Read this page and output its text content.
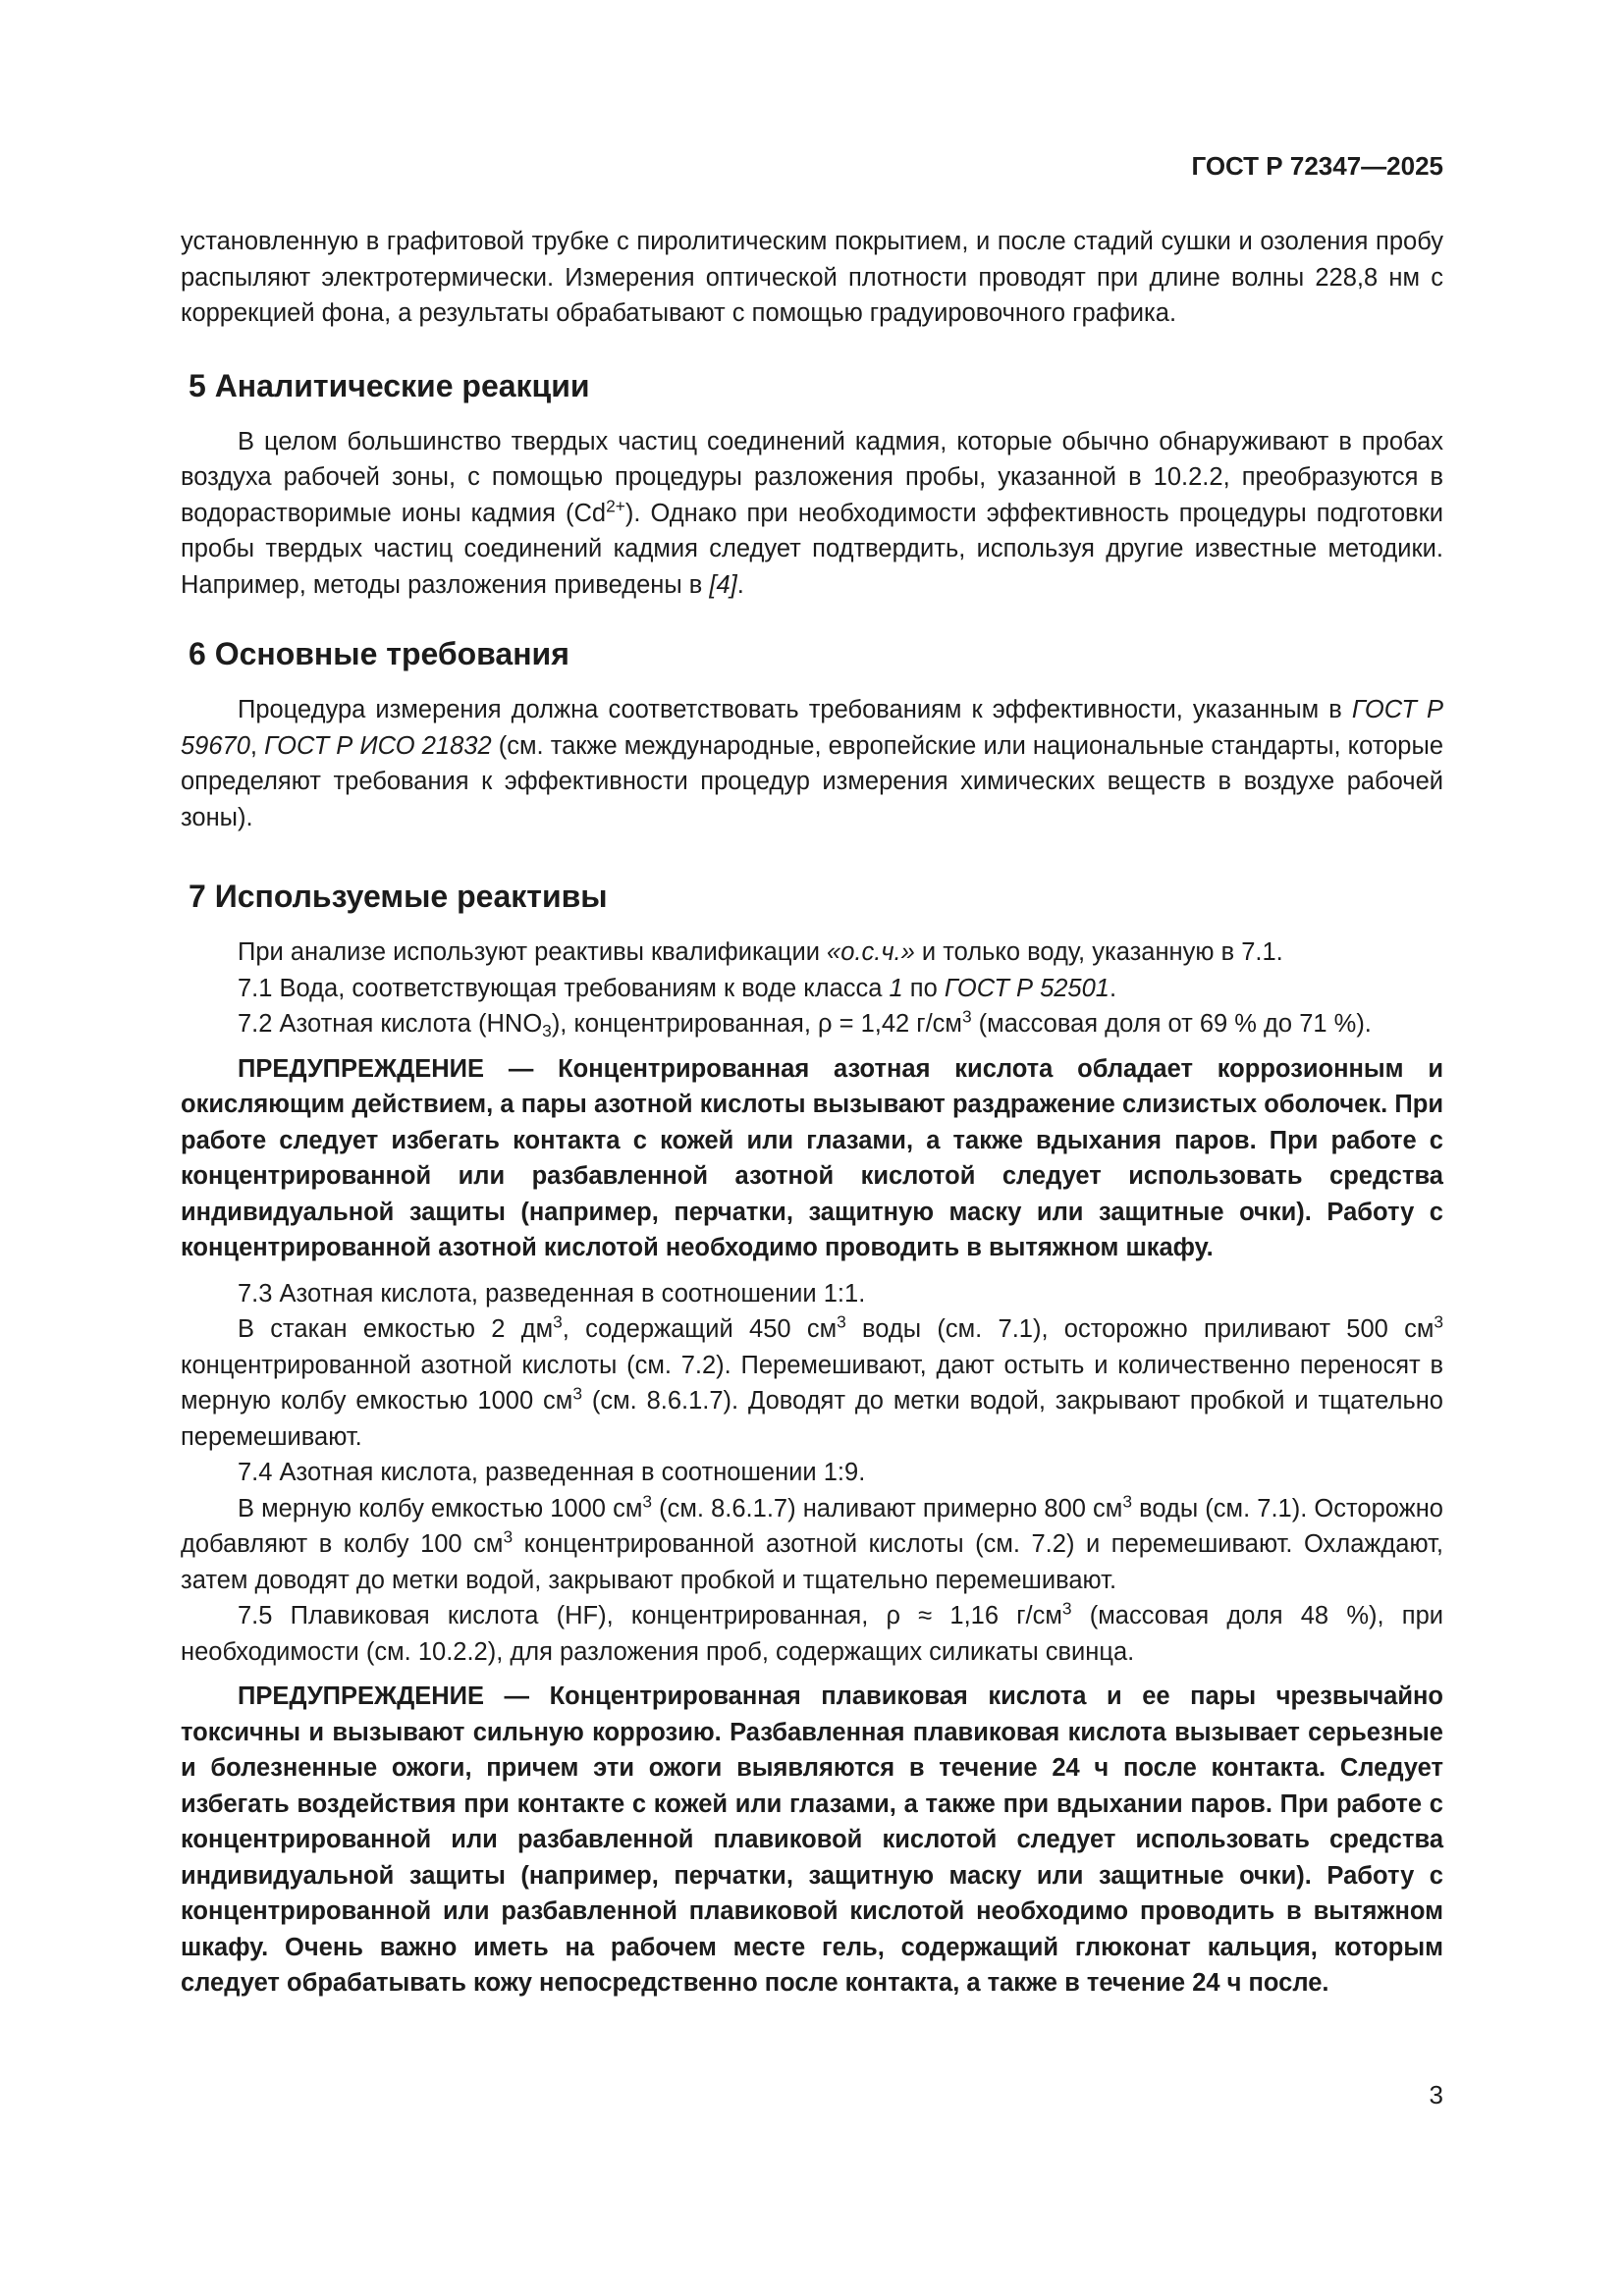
ГОСТ Р 72347—2025

установленную в графитовой трубке с пиролитическим покрытием, и после стадий сушки и озоления пробу распыляют электротермически. Измерения оптической плотности проводят при длине волны 228,8 нм с коррекцией фона, а результаты обрабатывают с помощью градуировочного графика.

5 Аналитические реакции

В целом большинство твердых частиц соединений кадмия, которые обычно обнаруживают в пробах воздуха рабочей зоны, с помощью процедуры разложения пробы, указанной в 10.2.2, преобразуются в водорастворимые ионы кадмия $(Cd^{2+})$. Однако при необходимости эффективность процедуры подготовки пробы твердых частиц соединений кадмия следует подтвердить, используя другие известные методики. Например, методы разложения приведены в [4].

6 Основные требования

Процедура измерения должна соответствовать требованиям к эффективности, указанным в ГОСТ Р 59670, ГОСТ Р ИСО 21832 (см. также международные, европейские или национальные стандарты, которые определяют требования к эффективности процедур измерения химических веществ в воздухе рабочей зоны).

7 Используемые реактивы

При анализе используют реактивы квалификации «о.с.ч.» и только воду, указанную в 7.1.

7.1 Вода, соответствующая требованиям к воде класса 1 по ГОСТ Р 52501.

7.2 Азотная кислота $(HNO_3)$, концентрированная, ρ = 1,42 $г/см^3$ (массовая доля от 69 % до 71 %).

ПРЕДУПРЕЖДЕНИЕ — Концентрированная азотная кислота обладает коррозионным и окисляющим действием, а пары азотной кислоты вызывают раздражение слизистых оболочек. При работе следует избегать контакта с кожей или глазами, а также вдыхания паров. При работе с концентрированной или разбавленной азотной кислотой следует использовать средства индивидуальной защиты (например, перчатки, защитную маску или защитные очки). Работу с концентрированной азотной кислотой необходимо проводить в вытяжном шкафу.

7.3 Азотная кислота, разведенная в соотношении 1:1.

В стакан емкостью 2 $дм^3$, содержащий 450 $см^3$ воды (см. 7.1), осторожно приливают 500 $см^3$ концентрированной азотной кислоты (см. 7.2). Перемешивают, дают остыть и количественно переносят в мерную колбу емкостью 1000 $см^3$ (см. 8.6.1.7). Доводят до метки водой, закрывают пробкой и тщательно перемешивают.

7.4 Азотная кислота, разведенная в соотношении 1:9.

В мерную колбу емкостью 1000 $см^3$ (см. 8.6.1.7) наливают примерно 800 $см^3$ воды (см. 7.1). Осторожно добавляют в колбу 100 $см^3$ концентрированной азотной кислоты (см. 7.2) и перемешивают. Охлаждают, затем доводят до метки водой, закрывают пробкой и тщательно перемешивают.

7.5 Плавиковая кислота (HF), концентрированная, ρ ≈ 1,16 $г/см^3$ (массовая доля 48 %), при необходимости (см. 10.2.2), для разложения проб, содержащих силикаты свинца.

ПРЕДУПРЕЖДЕНИЕ — Концентрированная плавиковая кислота и ее пары чрезвычайно токсичны и вызывают сильную коррозию. Разбавленная плавиковая кислота вызывает серьезные и болезненные ожоги, причем эти ожоги выявляются в течение 24 ч после контакта. Следует избегать воздействия при контакте с кожей или глазами, а также при вдыхании паров. При работе с концентрированной или разбавленной плавиковой кислотой следует использовать средства индивидуальной защиты (например, перчатки, защитную маску или защитные очки). Работу с концентрированной или разбавленной плавиковой кислотой необходимо проводить в вытяжном шкафу. Очень важно иметь на рабочем месте гель, содержащий глюконат кальция, которым следует обрабатывать кожу непосредственно после контакта, а также в течение 24 ч после.

3
